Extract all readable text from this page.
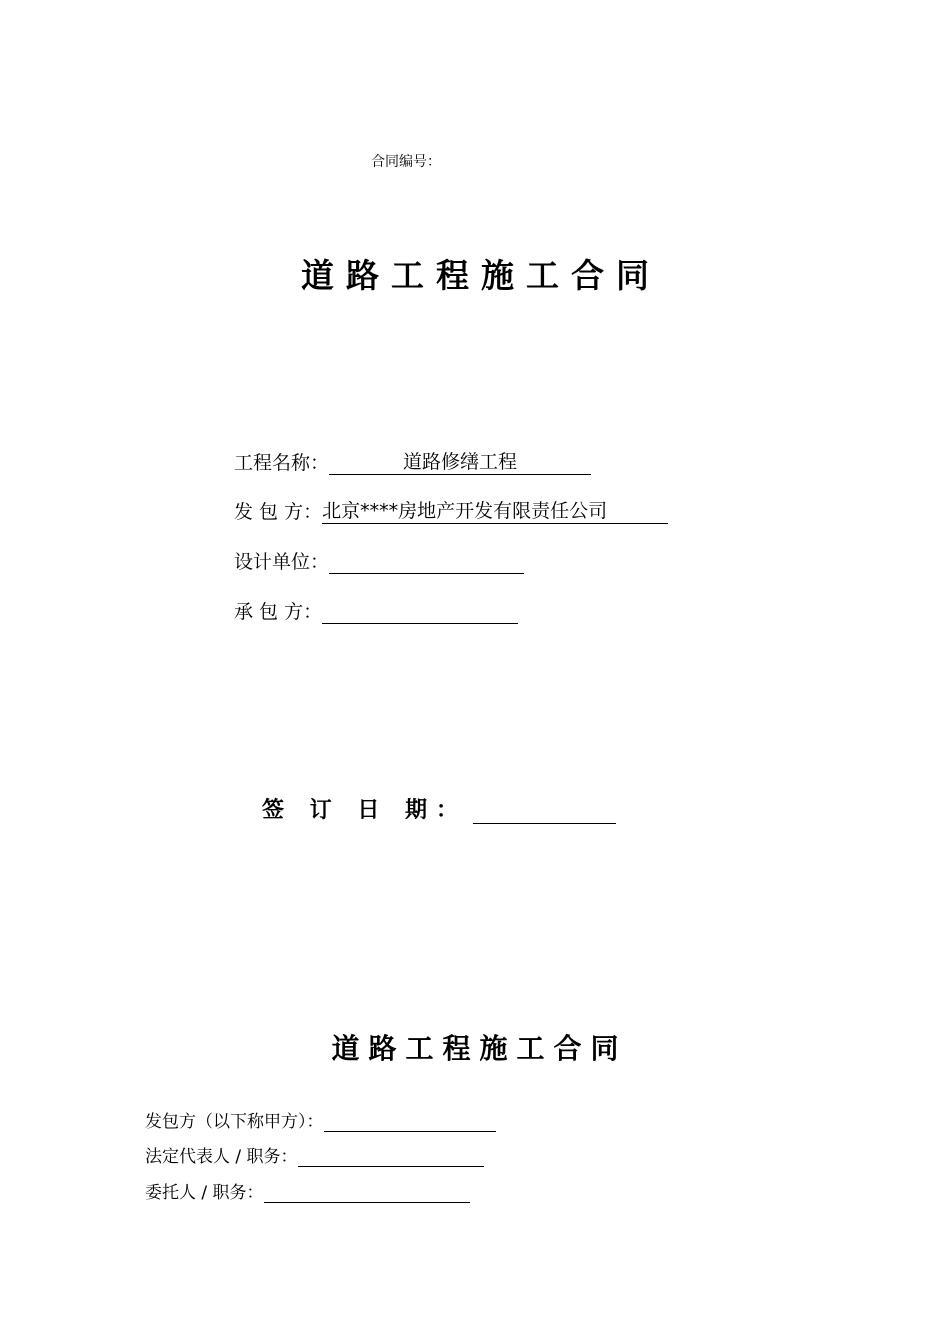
合同编号：
道路工程施工合同
工程名称：	道路修缮工程
发 包 方： 北京****房地产开发有限责任公司
设计单位：
承 包 方：
签 订 日 期：
道路工程施工合同
发包方（以下称甲方）：
法定代表人 / 职务：
委托人 / 职务：
